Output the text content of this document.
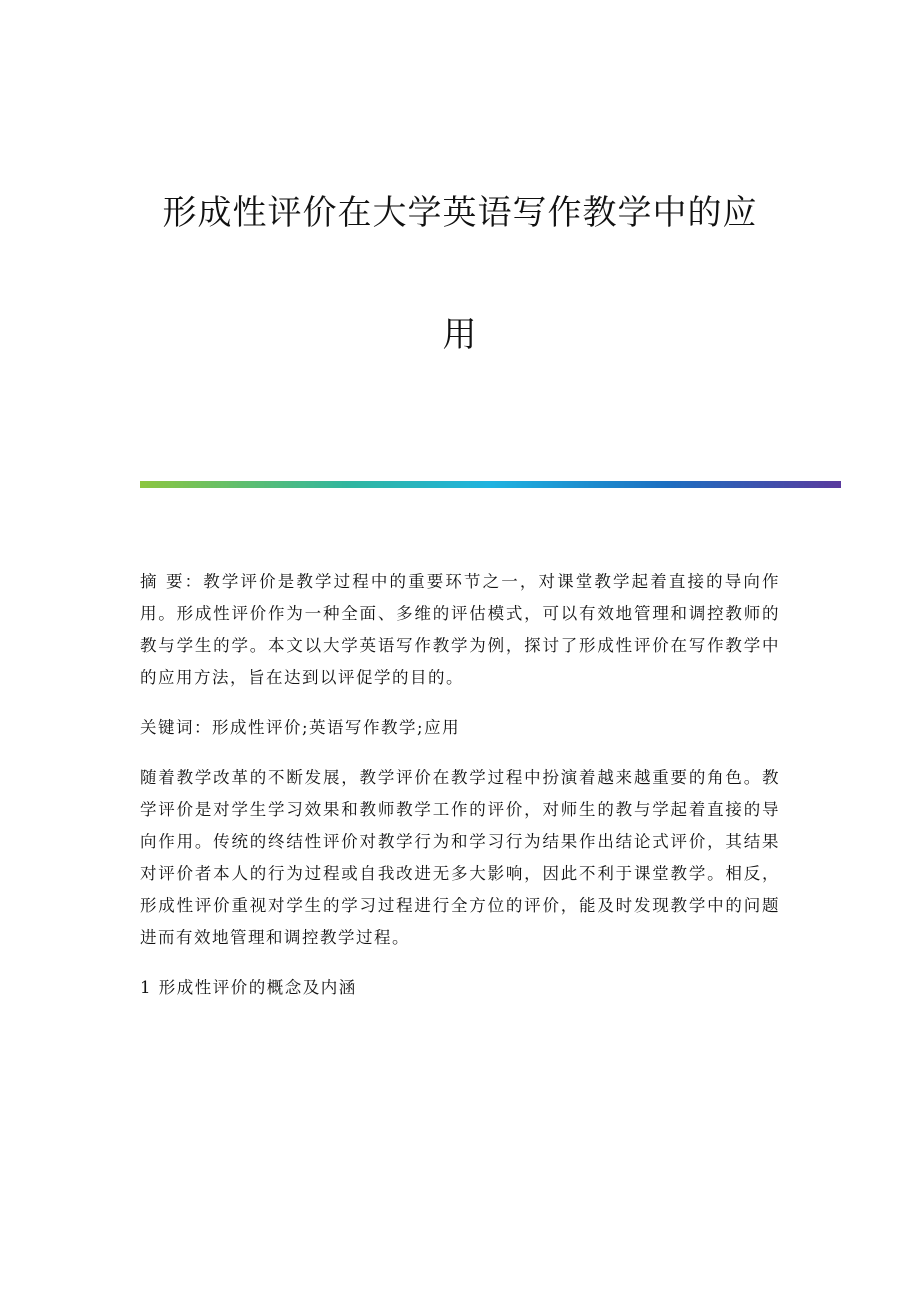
形成性评价在大学英语写作教学中的应

用

摘 要：教学评价是教学过程中的重要环节之一，对课堂教学起着直接的导向作用。形成性评价作为一种全面、多维的评估模式，可以有效地管理和调控教师的教与学生的学。本文以大学英语写作教学为例，探讨了形成性评价在写作教学中的应用方法，旨在达到以评促学的目的。

关键词：形成性评价;英语写作教学;应用

随着教学改革的不断发展，教学评价在教学过程中扮演着越来越重要的角色。教学评价是对学生学习效果和教师教学工作的评价，对师生的教与学起着直接的导向作用。传统的终结性评价对教学行为和学习行为结果作出结论式评价，其结果对评价者本人的行为过程或自我改进无多大影响，因此不利于课堂教学。相反，形成性评价重视对学生的学习过程进行全方位的评价，能及时发现教学中的问题进而有效地管理和调控教学过程。

1 形成性评价的概念及内涵
